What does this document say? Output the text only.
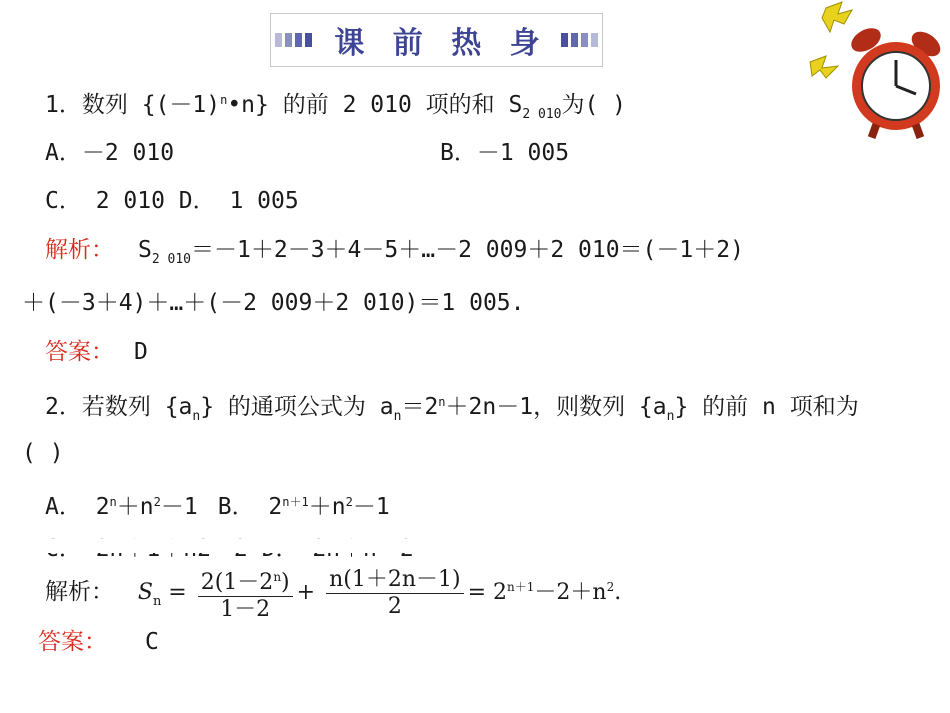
课 前 热 身
1．数列 $\{(-1)^n•n\}$ 的前 2 010 项的和 $S_{2 010}$为( )
A．－2 010	B．－1 005
C． 2 010 D． 1 005
解析： $S_{2 010}=-1+2-3+4-5+\dots-2$ 009＋2 010＝(－1＋2)
＋(－3＋4)＋…＋(－2 009＋2 010)＝1 005.
答案： D
2．若数列 $\{a_n\}$ 的通项公式为 $a_n=2^n+2n-1$，则数列 $\{a_n\}$ 的前 n 项和为
( )
A． $2^n+n^2-1$ B． $2^{n+1}+n^2-1$
解析： $S_n = \frac{2(1-2^n)}{1-2} + \frac{n(1+2n-1)}{2} = 2^{n+1}-2+n^2$.
答案： C
